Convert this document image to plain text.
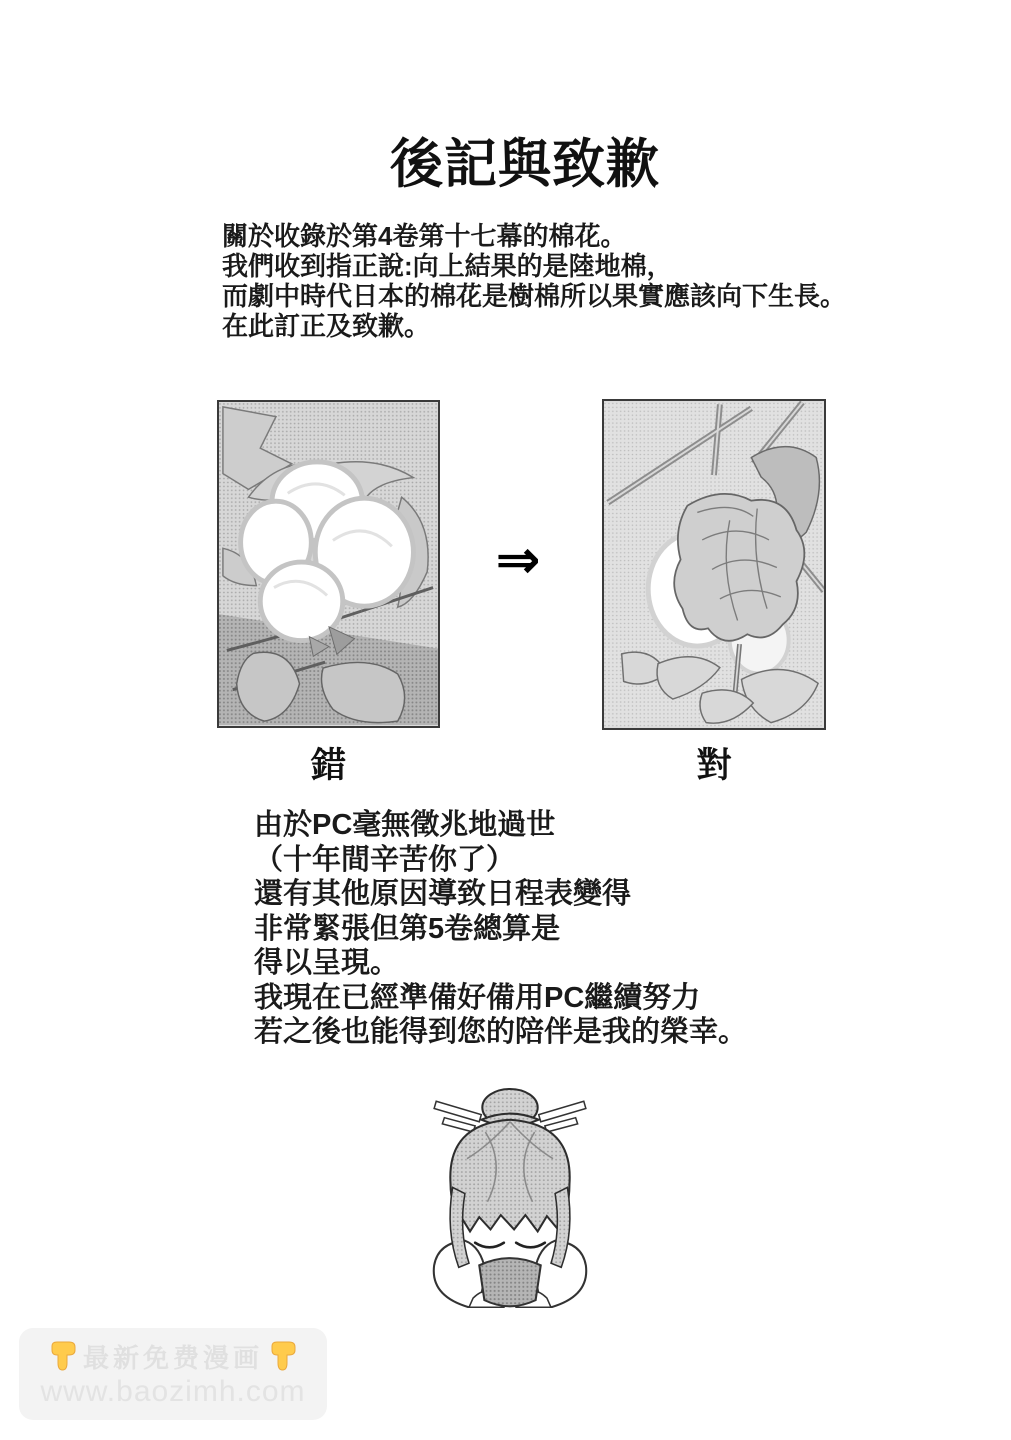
後記與致歉
關於收錄於第4卷第十七幕的棉花。
我們收到指正說:向上結果的是陸地棉，
而劇中時代日本的棉花是樹棉所以果實應該向下生長。
在此訂正及致歉。
⇒
錯	對
由於PC毫無徵兆地過世
（十年間辛苦你了）
還有其他原因導致日程表變得
非常緊張但第5卷總算是
得以呈現。
我現在已經準備好備用PC繼續努力
若之後也能得到您的陪伴是我的榮幸。
最新免费漫画
www.baozimh.com
